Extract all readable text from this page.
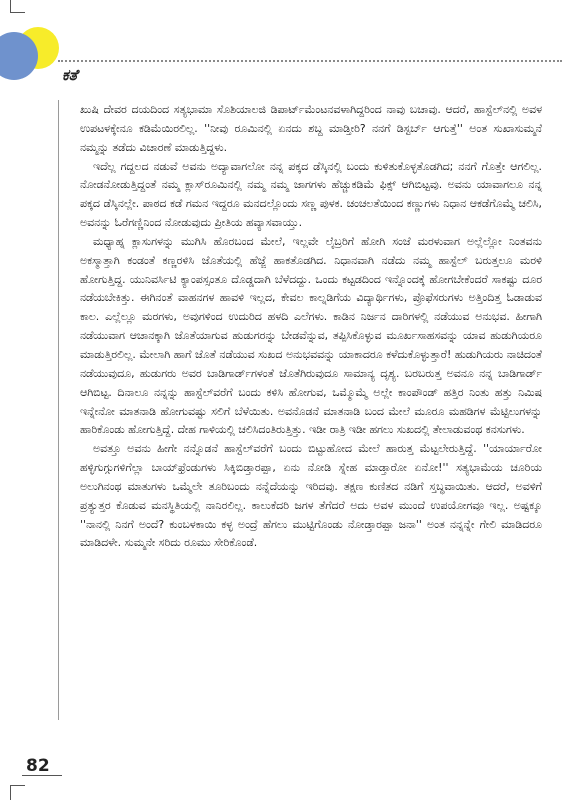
ಕತೆ

ಖುಷಿ ದೇವರ ದಯದಿಂದ ಸತ್ಯಭಾಮಾ ಸೊಶಿಯಾಲಜಿ ಡಿಪಾರ್ಟ್‌ಮೆಂಟನವಳಾಗಿದ್ದರಿಂದ ನಾವು ಬಚಾವು. ಆದರೆ, ಹಾಸ್ಟೆಲ್‌ನಲ್ಲಿ ಅವಳ ಉಪಟಳಕ್ಕೇನೂ ಕಡಿಮೆಯಿರಲಿಲ್ಲ. ''ನೀವು ರೂಮಿನಲ್ಲಿ ಏನದು ಶಬ್ದ ಮಾಡ್ತೀರಿ? ನನಗೆ ಡಿಸ್ಟರ್ಬ್ ಆಗುತ್ತೆ'' ಅಂತ ಸುಖಾಸುಮ್ಮನೆ ನಮ್ಮನ್ನು ತಡೆದು ವಿಚಾರಣೆ ಮಾಡುತ್ತಿದ್ದಳು.

ಇದೆಲ್ಲ ಗದ್ದಲದ ನಡುವೆ ಅವನು ಅದ್ಯಾವಾಗಲೋ ನನ್ನ ಪಕ್ಕದ ಡೆಸ್ಕಿನಲ್ಲಿ ಬಂದು ಕುಳಿತುಕೊಳ್ಳತೊಡಗಿದ; ನನಗೆ ಗೊತ್ತೇ ಆಗಲಿಲ್ಲ. ನೋಡನೋಡುತ್ತಿದ್ದಂತೆ ನಮ್ಮ ಕ್ಲಾಸ್‌ರೂಮಿನಲ್ಲಿ ನಮ್ಮ ನಮ್ಮ ಜಾಗಗಳು ಹೆಚ್ಚುಕಡಿಮೆ ಫಿಕ್ಸ್ ಆಗಿಬಿಟ್ಟವು. ಅವನು ಯಾವಾಗಲೂ ನನ್ನ ಪಕ್ಕದ ಡೆಸ್ಕಿನಲ್ಲೇ. ಪಾಠದ ಕಡೆ ಗಮನ ಇದ್ದರೂ ಮನದಲ್ಲೊಂದು ಸಣ್ಣ ಪುಳಕ. ಚಂಚಲತೆಯಿಂದ ಕಣ್ಣುಗಳು ನಿಧಾನ ಆಕಡೆಗೊಮ್ಮೆ ಚಲಿಸಿ, ಅವನನ್ನು ಓರೆಗಣ್ಣಿನಿಂದ ನೋಡುವುದು ಪ್ರೀತಿಯ ಹವ್ಯಾಸವಾಯ್ತು.

ಮಧ್ಯಾಹ್ನ ಕ್ಲಾಸುಗಳನ್ನು ಮುಗಿಸಿ ಹೊರಬಂದ ಮೇಲೆ, ಇಲ್ಲವೇ ಲೈಬ್ರರಿಗೆ ಹೋಗಿ ಸಂಜೆ ಮರಳುವಾಗ ಅಲ್ಲೆಲ್ಲೋ ನಿಂತವನು ಅಕಸ್ಮಾತ್ತಾಗಿ ಕಂಡಂತೆ ಕಣ್ಣರಳಿಸಿ ಜೊತೆಯಲ್ಲಿ ಹೆಜ್ಜೆ ಹಾಕತೊಡಗಿದ. ನಿಧಾನವಾಗಿ ನಡೆದು ನಮ್ಮ ಹಾಸ್ಟೆಲ್ ಬರುತ್ತಲೂ ಮರಳಿ ಹೋಗುತ್ತಿದ್ದ. ಯುನಿವರ್ಸಿಟಿ ಕ್ಯಾಂಪಸ್ಸಂತೂ ದೊಡ್ಡದಾಗಿ ಬೆಳೆದದ್ದು. ಒಂದು ಕಟ್ಟಡದಿಂದ ಇನ್ನೊಂದಕ್ಕೆ ಹೋಗಬೇಕೆಂದರೆ ಸಾಕಷ್ಟು ದೂರ ನಡೆಯಬೇಕಿತ್ತು. ಈಗಿನಂತೆ ವಾಹನಗಳ ಹಾವಳಿ ಇಲ್ಲದ, ಕೇವಲ ಕಾಲ್ನಡಿಗೆಯ ವಿದ್ಯಾರ್ಥಿಗಳು, ಪ್ರೊಫೆಸರುಗಳು ಅತ್ತಿಂದಿತ್ತ ಓಡಾಡುವ ಕಾಲ. ಎಲ್ಲೆಲ್ಲೂ ಮರಗಳು, ಅವುಗಳಿಂದ ಉದುರಿದ ಹಳದಿ ಎಲೆಗಳು. ಕಾಡಿನ ನಿರ್ಜನ ದಾರಿಗಳಲ್ಲಿ ನಡೆಯುವ ಅನುಭವ. ಹೀಗಾಗಿ ನಡೆಯುವಾಗ ಆಚಾನಕ್ಕಾಗಿ ಜೊತೆಯಾಗುವ ಹುಡುಗರನ್ನು ಬೇಡವೆನ್ನುವ, ತಪ್ಪಿಸಿಕೊಳ್ಳುವ ಮೂರ್ಖಸಾಹಸವನ್ನು ಯಾವ ಹುಡುಗಿಯರೂ ಮಾಡುತ್ತಿರಲಿಲ್ಲ. ಮೇಲಾಗಿ ಹಾಗೆ ಜೊತೆ ನಡೆಯುವ ಸುಖದ ಅನುಭವವನ್ನು ಯಾಕಾದರೂ ಕಳೆದುಕೊಳ್ಳುತ್ತಾರೆ! ಹುಡುಗಿಯರು ನಾಚಿದಂತೆ ನಡೆಯುವುದೂ, ಹುಡುಗರು ಅವರ ಬಾಡಿಗಾರ್ಡ್‌ಗಳಂತೆ ಜೊತೆಗಿರುವುದೂ ಸಾಮಾನ್ಯ ದೃಶ್ಯ. ಬರಬರುತ್ತ ಅವನೂ ನನ್ನ ಬಾಡಿಗಾರ್ಡ್ ಆಗಿಬಿಟ್ಟ. ದಿನಾಲೂ ನನ್ನನ್ನು ಹಾಸ್ಟೆಲ್‌ವರೆಗೆ ಬಂದು ಕಳಿಸಿ ಹೋಗುವ, ಒಮ್ಮೊಮ್ಮೆ ಅಲ್ಲೇ ಕಾಂಪೌಂಡ್ ಹತ್ತಿರ ನಿಂತು ಹತ್ತು ನಿಮಿಷ ಇನ್ನೇನೋ ಮಾತನಾಡಿ ಹೋಗುವಷ್ಟು ಸಲಿಗೆ ಬೆಳೆಯಿತು. ಅವನೊಡನೆ ಮಾತನಾಡಿ ಬಂದ ಮೇಲೆ ಮೂರೂ ಮಹಡಿಗಳ ಮೆಟ್ಟಿಲುಗಳನ್ನು ಹಾರಿಕೊಂಡು ಹೋಗುತ್ತಿದ್ದೆ. ದೇಹ ಗಾಳಿಯಲ್ಲಿ ಚಲಿಸಿದಂತಿರುತ್ತಿತ್ತು. ಇಡೀ ರಾತ್ರಿ ಇಡೀ ಹಗಲು ಸುಖದಲ್ಲಿ ತೇಲಾಡುವಂಥ ಕನಸುಗಳು.

ಅವತ್ತೂ ಅವನು ಹೀಗೇ ನನ್ನೊಡನೆ ಹಾಸ್ಟೆಲ್‌ವರೆಗೆ ಬಂದು ಬಿಟ್ಟುಹೋದ ಮೇಲೆ ಹಾರುತ್ತ ಮೆಟ್ಟಲೇರುತ್ತಿದ್ದೆ. ''ಯಾರ್ಯಾರೋ ಹಳ್ಳಿಗುಗ್ಗುಗಳಿಗೆಲ್ಲಾ ಬಾಯ್‌ಫ್ರೆಂಡುಗಳು ಸಿಕ್ಕಿಬಿಡ್ತಾರಪ್ಪಾ, ಏನು ನೋಡಿ ಸ್ನೇಹ ಮಾಡ್ತಾರೋ ಏನೋ!'' ಸತ್ಯಭಾಮೆಯ ಚೂರಿಯ ಅಲುಗಿನಂಥ ಮಾತುಗಳು ಒಮ್ಮೆಲೇ ತೂರಿಬಂದು ನನ್ನೆದೆಯನ್ನು ಇರಿದವು. ತಕ್ಷಣ ಕುಣಿತದ ನಡಿಗೆ ಸ್ತಬ್ಧವಾಯಿತು. ಆದರೆ, ಅವಳಿಗೆ ಪ್ರತ್ಯುತ್ತರ ಕೊಡುವ ಮನಸ್ಥಿತಿಯಲ್ಲಿ ನಾನಿರಲಿಲ್ಲ. ಕಾಲುಕೆದರಿ ಜಗಳ ತೆಗೆದರೆ ಅದು ಅವಳ ಮುಂದೆ ಉಪಯೋಗವೂ ಇಲ್ಲ. ಅಷ್ಟಕ್ಕೂ ''ನಾನಲ್ಲಿ ನಿನಗೆ ಅಂದೆ? ಕುಂಬಳಕಾಯಿ ಕಳ್ಳ ಅಂದ್ರೆ ಹೆಗಲು ಮುಟ್ಟಿಗೊಂಡು ನೋಡ್ತಾರಪ್ಪಾ ಜನಾ'' ಅಂತ ನನ್ನನ್ನೇ ಗೇಲಿ ಮಾಡಿದರೂ ಮಾಡಿದಳೇ. ಸುಮ್ಮನೇ ಸರಿದು ರೂಮು ಸೇರಿಕೊಂಡೆ.

82
